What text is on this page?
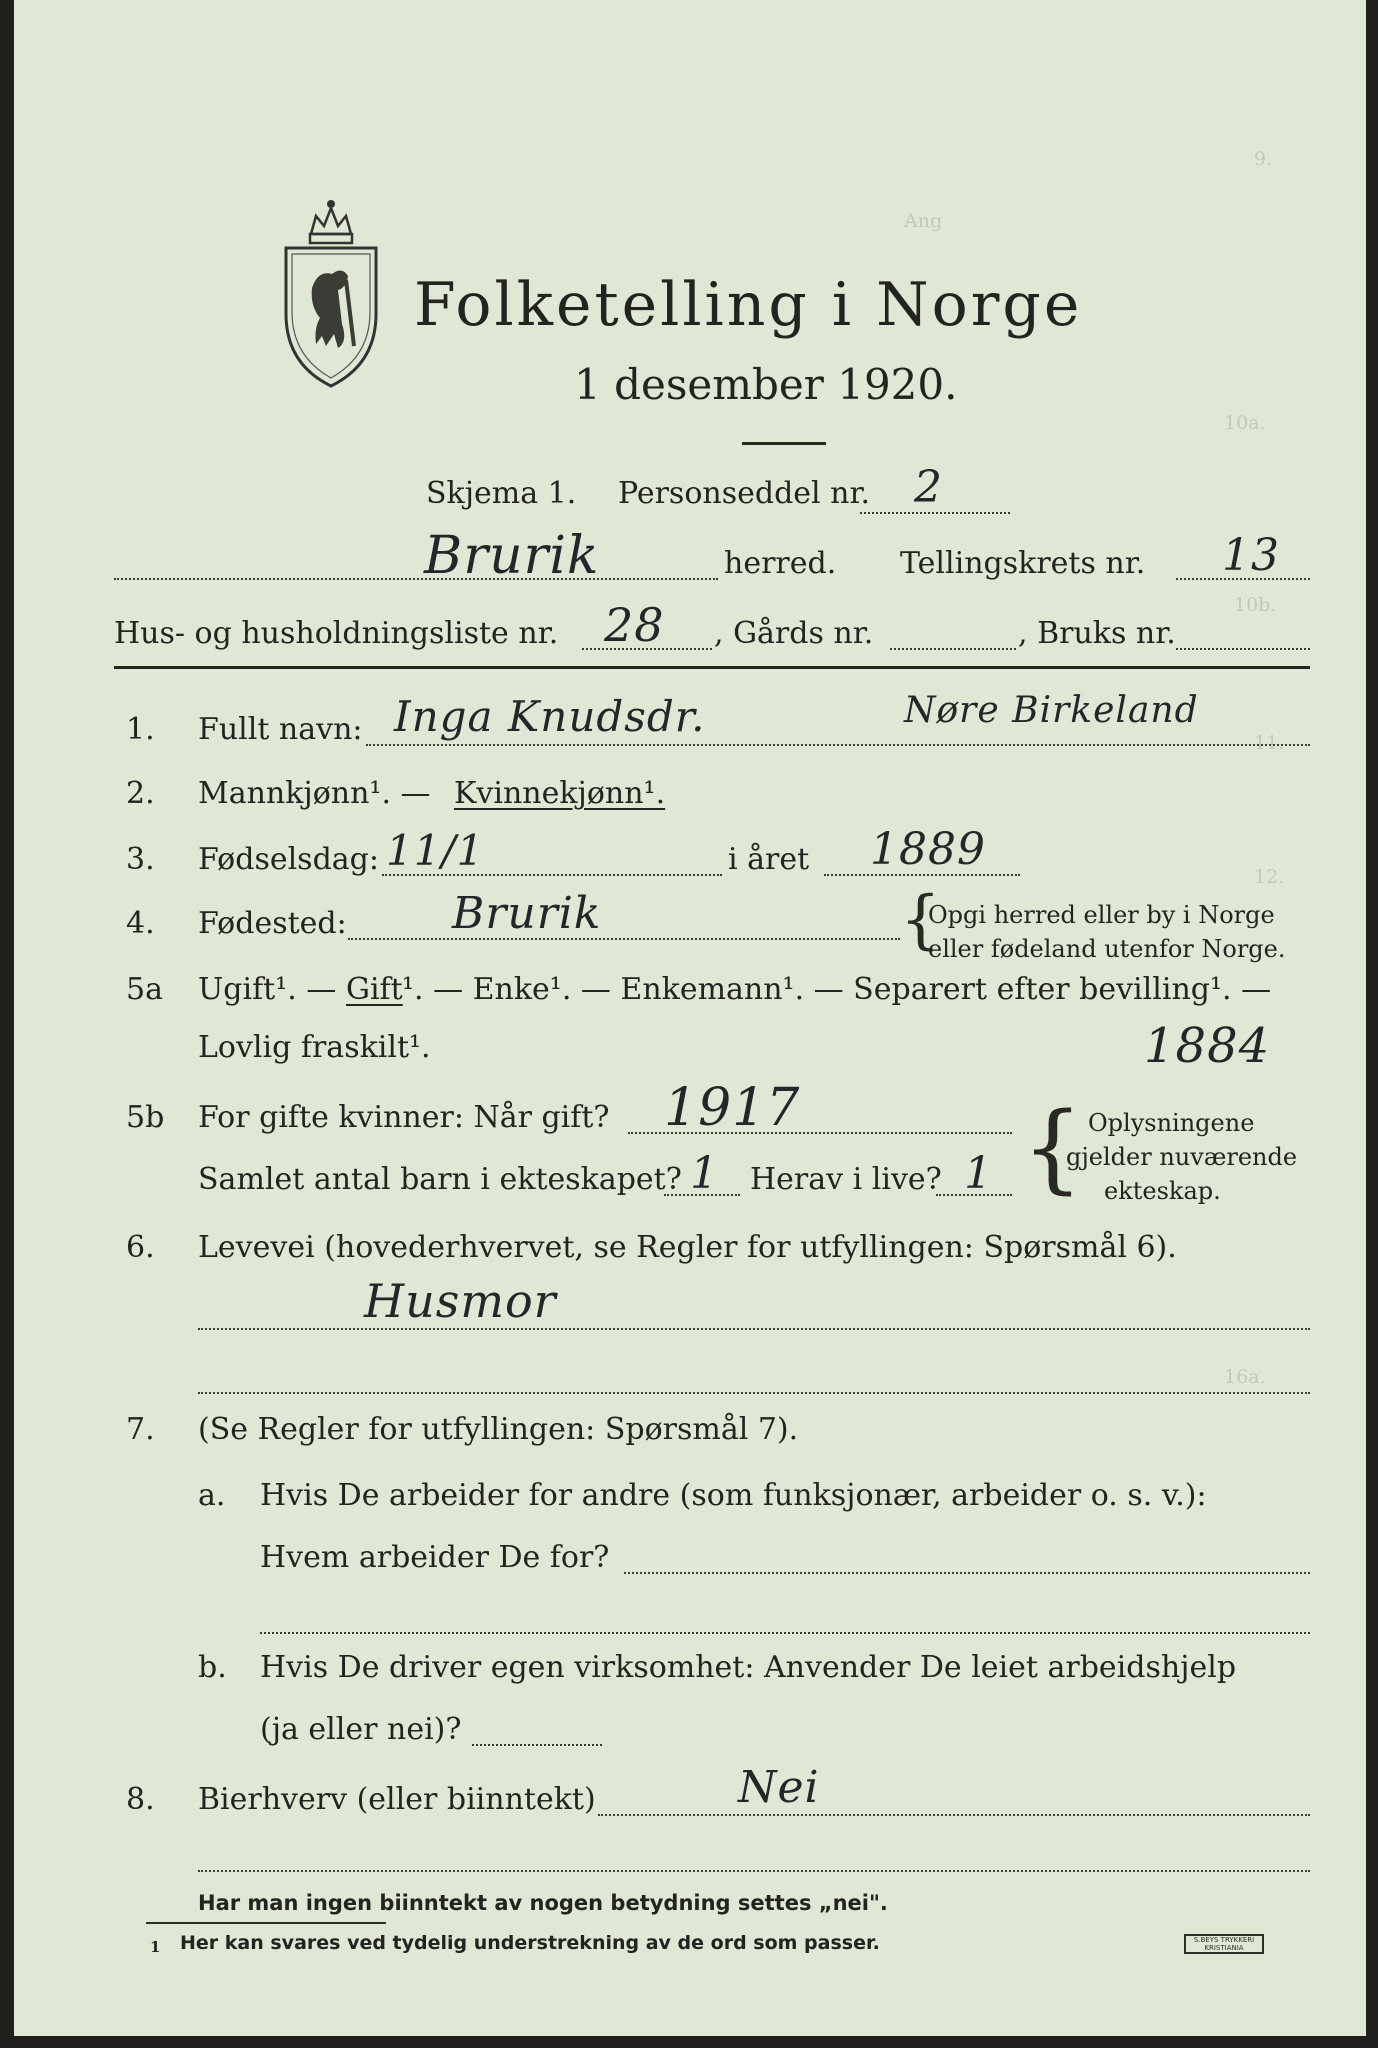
9.
Ang
10a.
10b.
11.
12.
16a.
Folketelling i Norge
1 desember 1920.
Skjema 1. Personseddel nr. 2
Brurik	herred. Tellingskrets nr. 13
Hus- og husholdningsliste nr. 28 , Gårds nr.	, Bruks nr.
1. Fullt navn: Inga Knudsdr.	Nøre Birkeland
2. Mannkjønn¹. — Kvinnekjønn¹.
3. Fødselsdag: 11/1	i året 1889
4. Fødested: Brurik	{
Opgi herred eller by i Norge
eller fødeland utenfor Norge.
5a Ugift¹. — Gift ¹. — Enke¹. — Enkemann¹. — Separert efter bevilling¹. —
Lovlig fraskilt¹.	1884
5b For gifte kvinner: Når gift? 1917
Samlet antal barn i ekteskapet? 1 Herav i live? 1 { Oplysningene
gjelder nuværende
ekteskap.
6. Levevei (hovederhvervet, se Regler for utfyllingen: Spørsmål 6).
Husmor
7. (Se Regler for utfyllingen: Spørsmål 7).
a. Hvis De arbeider for andre (som funksjonær, arbeider o. s. v.):
Hvem arbeider De for?
b. Hvis De driver egen virksomhet: Anvender De leiet arbeidshjelp
(ja eller nei)?
8. Bierhverv (eller biinntekt)	Nei
Har man ingen biinntekt av nogen betydning settes „nei".
1 Her kan svares ved tydelig understrekning av de ord som passer.	S.BEYS TRYKKERI KRISTIANIA
